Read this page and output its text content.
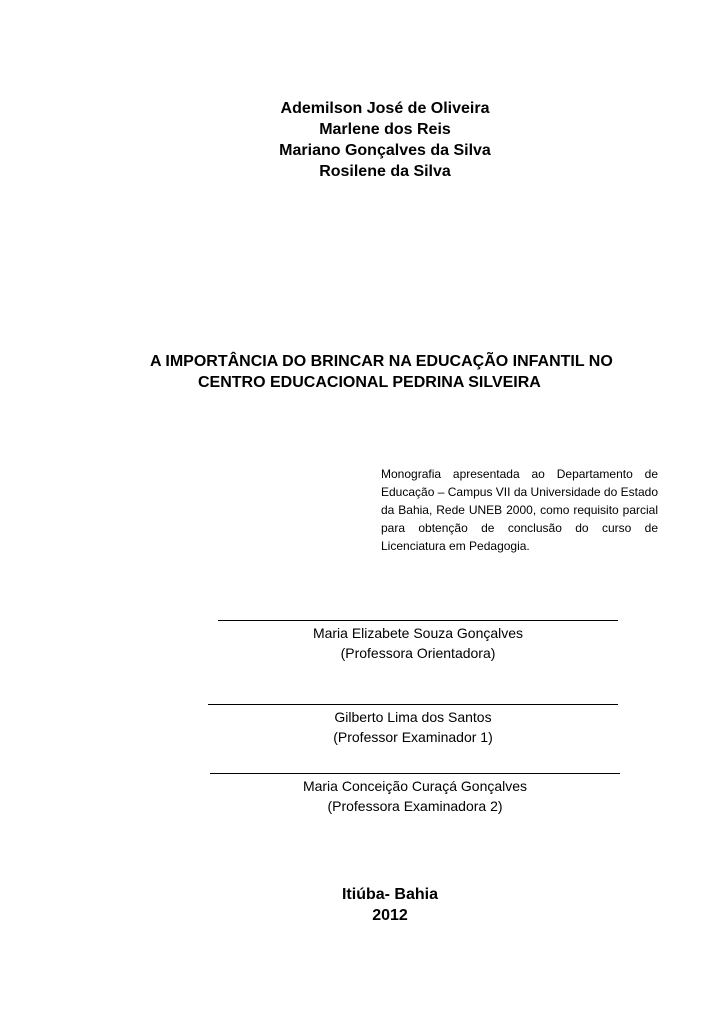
Ademilson José de Oliveira
Marlene dos Reis
Mariano Gonçalves da Silva
Rosilene da Silva
A IMPORTÂNCIA DO BRINCAR NA EDUCAÇÃO INFANTIL NO
CENTRO EDUCACIONAL PEDRINA SILVEIRA
Monografia apresentada ao Departamento de Educação – Campus VII da Universidade do Estado da Bahia, Rede UNEB 2000, como requisito parcial para obtenção de conclusão do curso de Licenciatura em Pedagogia.
Maria Elizabete Souza Gonçalves
(Professora Orientadora)
Gilberto Lima dos Santos
(Professor Examinador 1)
Maria Conceição Curaçá Gonçalves
(Professora Examinadora 2)
Itiúba- Bahia
2012
